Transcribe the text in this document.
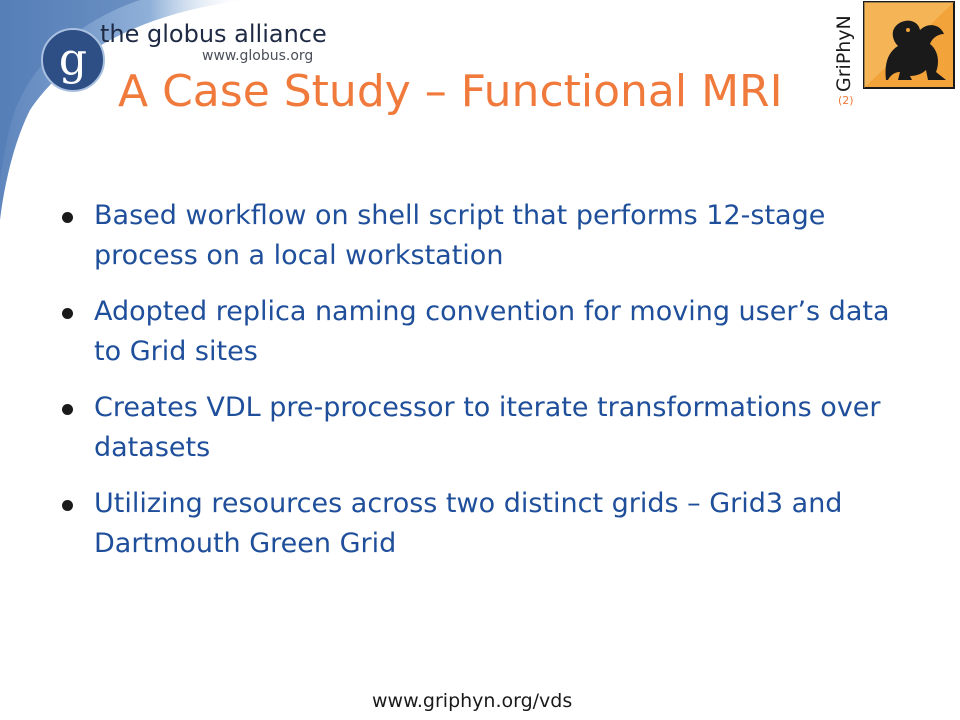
g the globus alliance
www.globus.org	GriPhyN
A Case Study – Functional MRI	(2)
Based workflow on shell script that performs 12-stage process on a local workstation
Adopted replica naming convention for moving user’s data to Grid sites
Creates VDL pre-processor to iterate transformations over datasets
Utilizing resources across two distinct grids – Grid3 and Dartmouth Green Grid
www.griphyn.org/vds
